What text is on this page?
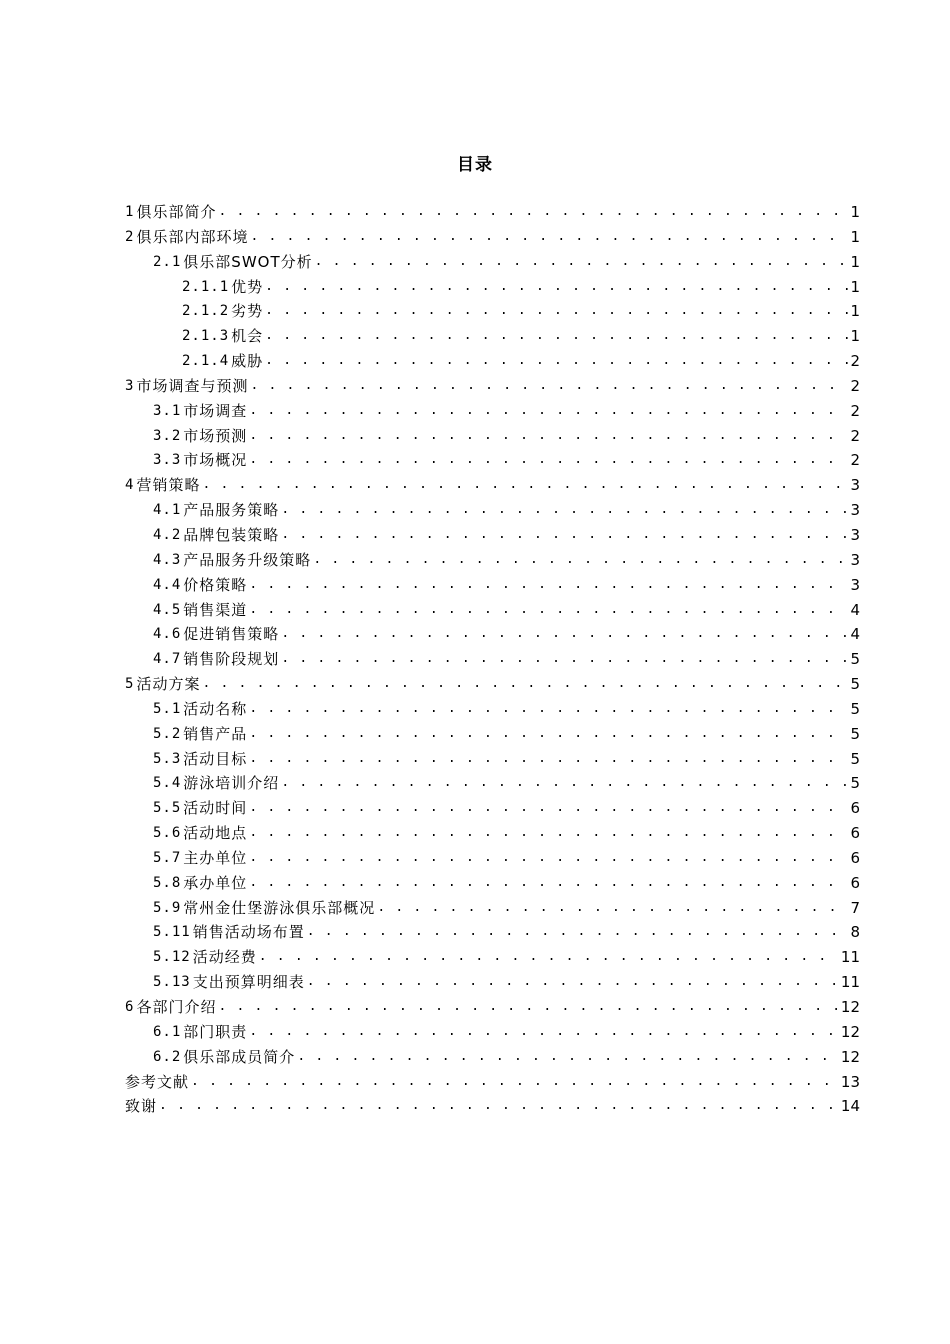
目录
1 俱乐部简介 . . .	1
2 俱乐部内部环境 . . .	1
2.1 俱乐部SWOT分析 . . .	1
2.1.1 优势 . . .	1
2.1.2 劣势 . . .	1
2.1.3 机会 . . .	1
2.1.4 威胁 . . .	2
3 市场调查与预测 . . .	2
3.1 市场调查 . . .	2
3.2 市场预测 . . .	2
3.3 市场概况 . . .	2
4 营销策略 . . .	3
4.1 产品服务策略 . . .	3
4.2 品牌包装策略 . . .	3
4.3 产品服务升级策略 . . .	3
4.4 价格策略 . . .	3
4.5 销售渠道 . . .	4
4.6 促进销售策略 . . .	4
4.7 销售阶段规划 . . .	5
5 活动方案 . . .	5
5.1 活动名称 . . .	5
5.2 销售产品 . . .	5
5.3 活动目标 . . .	5
5.4 游泳培训介绍 . . .	5
5.5 活动时间 . . .	6
5.6 活动地点 . . .	6
5.7 主办单位 . . .	6
5.8 承办单位 . . .	6
5.9 常州金仕堡游泳俱乐部概况 . . .	7
5.11 销售活动场布置 . . .	8
5.12 活动经费 . . .	11
5.13 支出预算明细表 . . .	11
6 各部门介绍 . . .	12
6.1 部门职责 . . .	12
6.2 俱乐部成员简介 . . .	12
参考文献 . . .	13
致谢 . . .	14
